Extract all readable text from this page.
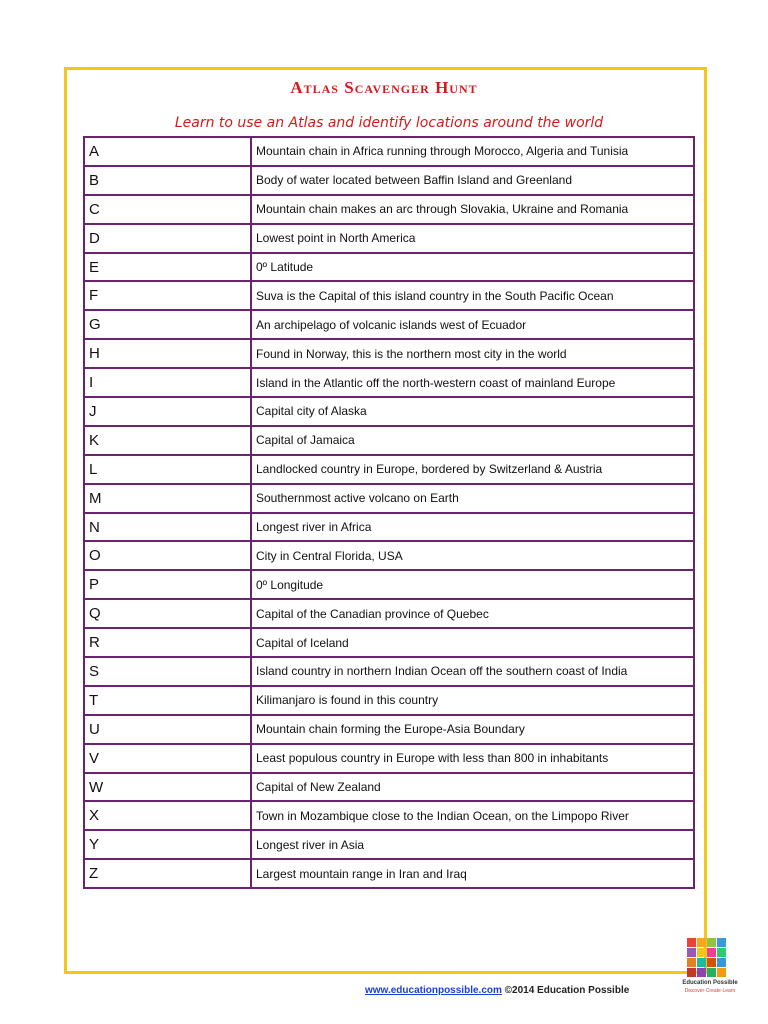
Atlas Scavenger Hunt
Learn to use an Atlas and identify locations around the world
A	Mountain chain in Africa running through Morocco, Algeria and Tunisia
B	Body of water located between Baffin Island and Greenland
C	Mountain chain makes an arc through Slovakia, Ukraine and Romania
D	Lowest point in North America
E	0º Latitude
F	Suva is the Capital of this island country in the South Pacific Ocean
G	An archipelago of volcanic islands west of Ecuador
H	Found in Norway, this is the northern most city in the world
I	Island in the Atlantic off the north-western coast of mainland Europe
J	Capital city of Alaska
K	Capital of Jamaica
L	Landlocked country in Europe, bordered by Switzerland & Austria
M	Southernmost active volcano on Earth
N	Longest river in Africa
O	City in Central Florida, USA
P	0º Longitude
Q	Capital of the Canadian province of Quebec
R	Capital of Iceland
S	Island country in northern Indian Ocean off the southern coast of India
T	Kilimanjaro is found in this country
U	Mountain chain forming the Europe-Asia Boundary
V	Least populous country in Europe with less than 800 in inhabitants
W	Capital of New Zealand
X	Town in Mozambique close to the Indian Ocean, on the Limpopo River
Y	Longest river in Asia
Z	Largest mountain range in Iran and Iraq
Education Possible
Discover·Create·Learn
www.educationpossible.com ©2014 Education Possible
